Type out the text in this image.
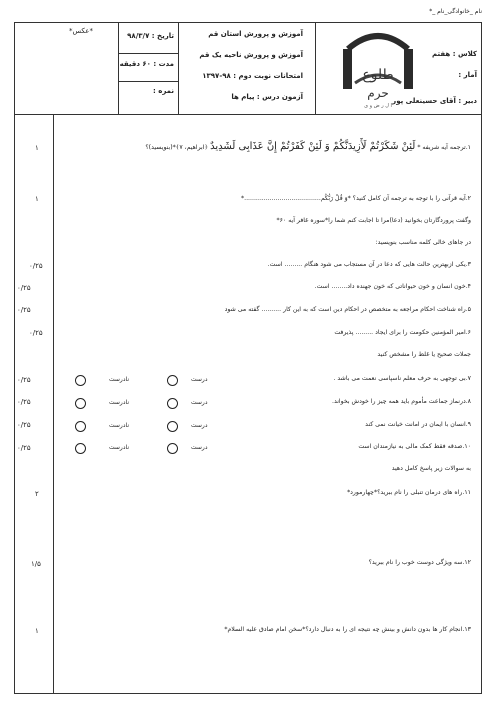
نام _خانوادگی_نام _*
*عکس*
تاریخ : ۹۸/۳/۷
مدت : ۶۰ دقیقه
نمره :
آموزش و پرورش استان قم
آموزش و پرورش ناحیه یک قم
امتحانات نوبت دوم : ۹۸-۱۳۹۷
آزمون درس : پیام ها
کلاس : هفتم
آمار :
دبیر : آقای حسینعلی پور
طلوع
حرم
ا ل ر ض و ی
۱.ترجمه آیه شریفه * لَئِنْ شَکَرْتُمْ لَأَزِیدَنَّکُمْ وَ لَئِنْ کَفَرْتُمْ إِنَّ عَذَابِی لَشَدِیدٌ ﴿ابراهیم، ۷﴾*(بنویسید)؟
۱
۲.آیه قرآنی را با توجه به ترجمه آن کامل کنید؟ *وَ قُلْ رَبُّکُم.......................................*
۱
وگفت پروردگارتان بخوانید (دعا)مرا تا اجابت کنم شما را*سوره غافر آیه ۶۰*
در جاهای خالی کلمه مناسب بنویسید:
۳.یکی ازبهترین حالت هایی که دعا در آن مستجاب می شود هنگام ......... است.
۰/۲۵
۴.خون انسان و خون حیواناتی که خون جهنده داد........ است.
۰/۲۵
۵.راه شناخت احکام مراجعه به متخصص در احکام دین است که به این کار .......... گفته می شود
۰/۲۵
۶.امیر المؤمنین حکومت را برای ایجاد ......... پذیرفت
۰/۲۵
جملات صحیح یا غلط را مشخص کنید
۷.بی توجهی به حرف معلم ناسپاسی نعمت می باشد .
۰/۲۵	درست
نادرست
۸.درنماز جماعت مأموم باید همه چیز را خودش بخواند.
۰/۲۵	درست
نادرست
۹.انسان با ایمان در امانت خیانت نمی کند
۰/۲۵	درست
نادرست
۱۰.صدقه فقط کمک مالی به نیازمندان است
۰/۲۵	درست
نادرست
به سوالات زیر پاسخ کامل دهید
۱۱.راه های درمان تنبلی را نام ببرید؟*چهارمورد*
۲
۱۲.سه ویژگی دوست خوب را نام ببرید؟
۱/۵
۱۳.انجام کار ها بدون دانش و بینش چه نتیجه ای را به دنبال دارد؟*سخن امام صادق علیه السلام*
۱
